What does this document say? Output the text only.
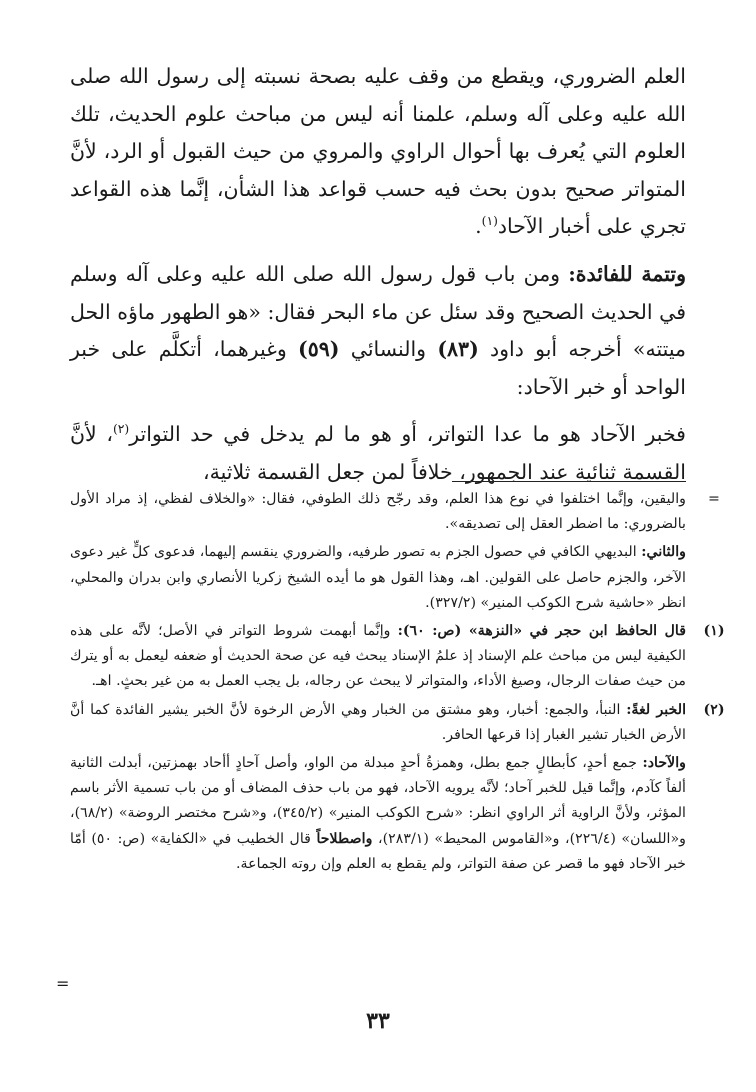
العلم الضروري، ويقطع من وقف عليه بصحة نسبته إلى رسول الله صلى الله عليه وعلى آله وسلم، علمنا أنه ليس من مباحث علوم الحديث، تلك العلوم التي يُعرف بها أحوال الراوي والمروي من حيث القبول أو الرد، لأنَّ المتواتر صحيح بدون بحث فيه حسب قواعد هذا الشأن، إنَّما هذه القواعد تجري على أخبار الآحاد$^{(١)}$.

وتتمة للفائدة: ومن باب قول رسول الله صلى الله عليه وعلى آله وسلم في الحديث الصحيح وقد سئل عن ماء البحر فقال: «هو الطهور ماؤه الحل ميتته» أخرجه أبو داود (٨٣) والنسائي (٥٩) وغيرهما، أتكلَّم على خبر الواحد أو خبر الآحاد:

فخبر الآحاد هو ما عدا التواتر، أو هو ما لم يدخل في حد التواتر$^{(٢)}$، لأنَّ القسمة ثنائية عند الجمهور، خلافاً لمن جعل القسمة ثلاثية،

=
واليقين، وإنَّما اختلفوا في نوع هذا العلم، وقد رجّح ذلك الطوفي، فقال: «والخلاف لفظي، إذ مراد الأول بالضروري: ما اضطر العقل إلى تصديقه».
والثاني: البديهي الكافي في حصول الجزم به تصور طرفيه، والضروري ينقسم إليهما، فدعوى كلٍّ غير دعوى الآخر، والجزم حاصل على القولين. اهـ، وهذا القول هو ما أيده الشيخ زكريا الأنصاري وابن بدران والمحلي، انظر «حاشية شرح الكوكب المنير» (٣٢٧/٢).
(١)
قال الحافظ ابن حجر في «النزهة» (ص: ٦٠): وإنَّما أبهمت شروط التواتر في الأصل؛ لأنَّه على هذه الكيفية ليس من مباحث علم الإسناد إذ علمُ الإسناد يبحث فيه عن صحة الحديث أو ضعفه ليعمل به أو يترك من حيث صفات الرجال، وصيغ الأداء، والمتواتر لا يبحث عن رجاله، بل يجب العمل به من غير بحثٍ. اهـ.
(٢)
الخبر لغةً: النبأ، والجمع: أخبار، وهو مشتق من الخبار وهي الأرض الرخوة لأنَّ الخبر يشير الفائدة كما أنَّ الأرض الخبار تشير الغبار إذا قرعها الحافر.
والآحاد: جمع أحدٍ، كأبطالٍ جمع بطل، وهمزةُ أحدٍ مبدلة من الواو، وأصل آحادٍ أأحاد بهمزتين، أبدلت الثانية ألفاً كآدم، وإنَّما قيل للخبر آحاد؛ لأنَّه يرويه الآحاد، فهو من باب حذف المضاف أو من باب تسمية الأثر باسم المؤثر، ولأنَّ الراوية أثر الراوي انظر: «شرح الكوكب المنير» (٣٤٥/٢)، و«شرح مختصر الروضة» (٦٨/٢)، و«اللسان» (٢٢٦/٤)، و«القاموس المحيط» (٢٨٣/١)، واصطلاحاً قال الخطيب في «الكفاية» (ص: ٥٠) أمّا خبر الآحاد فهو ما قصر عن صفة التواتر، ولم يقطع به العلم وإن روته الجماعة.
=
٣٣
